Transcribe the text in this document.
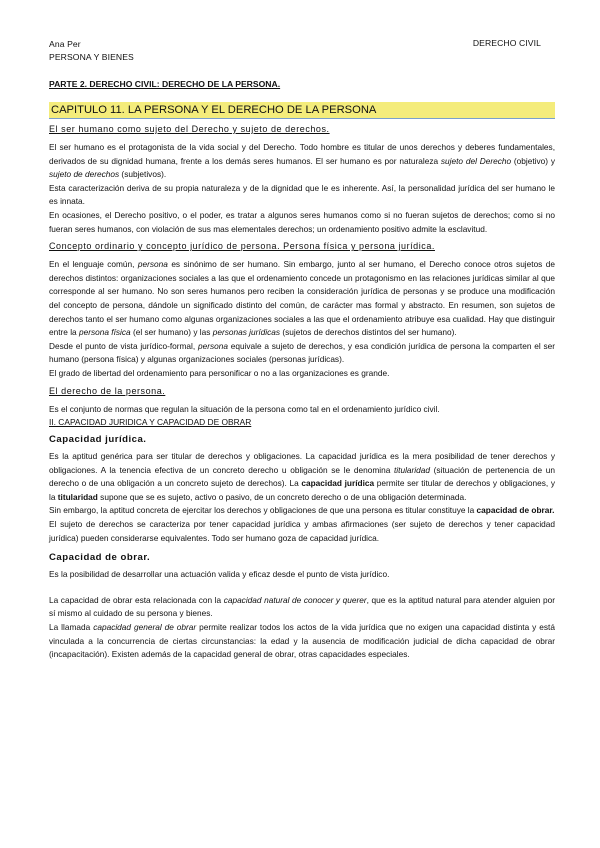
Ana Per
PERSONA Y BIENES
DERECHO CIVIL
PARTE 2. DERECHO CIVIL: DERECHO DE LA PERSONA.
CAPITULO 11. LA PERSONA Y EL DERECHO DE LA PERSONA
El ser humano como sujeto del Derecho y sujeto de derechos.

El ser humano es el protagonista de la vida social y del Derecho. Todo hombre es titular de unos derechos y deberes fundamentales, derivados de su dignidad humana, frente a los demás seres humanos. El ser humano es por naturaleza sujeto del Derecho (objetivo) y sujeto de derechos (subjetivos).

Esta caracterización deriva de su propia naturaleza y de la dignidad que le es inherente. Así, la personalidad jurídica del ser humano le es innata.

En ocasiones, el Derecho positivo, o el poder, es tratar a algunos seres humanos como si no fueran sujetos de derechos; como si no fueran seres humanos, con violación de sus mas elementales derechos; un ordenamiento positivo admite la esclavitud.

Concepto ordinario y concepto jurídico de persona. Persona física y persona jurídica.

En el lenguaje común, persona es sinónimo de ser humano. Sin embargo, junto al ser humano, el Derecho conoce otros sujetos de derechos distintos: organizaciones sociales a las que el ordenamiento concede un protagonismo en las relaciones jurídicas similar al que corresponde al ser humano. No son seres humanos pero reciben la consideración jurídica de personas y se produce una modificación del concepto de persona, dándole un significado distinto del común, de carácter mas formal y abstracto. En resumen, son sujetos de derechos tanto el ser humano como algunas organizaciones sociales a las que el ordenamiento atribuye esa cualidad. Hay que distinguir entre la persona física (el ser humano) y las personas jurídicas (sujetos de derechos distintos del ser humano).

Desde el punto de vista jurídico-formal, persona equivale a sujeto de derechos, y esa condición jurídica de persona la comparten el ser humano (persona física) y algunas organizaciones sociales (personas jurídicas).

El grado de libertad del ordenamiento para personificar o no a las organizaciones es grande.

El derecho de la persona.

Es el conjunto de normas que regulan la situación de la persona como tal en el ordenamiento jurídico civil.

II. CAPACIDAD JURIDICA Y CAPACIDAD DE OBRAR
Capacidad jurídica.

Es la aptitud genérica para ser titular de derechos y obligaciones. La capacidad jurídica es la mera posibilidad de tener derechos y obligaciones. A la tenencia efectiva de un concreto derecho u obligación se le denomina titularidad (situación de pertenencia de un derecho o de una obligación a un concreto sujeto de derechos). La capacidad jurídica permite ser titular de derechos y obligaciones, y la titularidad supone que se es sujeto, activo o pasivo, de un concreto derecho o de una obligación determinada.

Sin embargo, la aptitud concreta de ejercitar los derechos y obligaciones de que una persona es titular constituye la capacidad de obrar.

El sujeto de derechos se caracteriza por tener capacidad jurídica y ambas afirmaciones (ser sujeto de derechos y tener capacidad jurídica) pueden considerarse equivalentes. Todo ser humano goza de capacidad jurídica.

Capacidad de obrar.

Es la posibilidad de desarrollar una actuación valida y eficaz desde el punto de vista jurídico.

La capacidad de obrar esta relacionada con la capacidad natural de conocer y querer, que es la aptitud natural para atender alguien por sí mismo al cuidado de su persona y bienes.

La llamada capacidad general de obrar permite realizar todos los actos de la vida jurídica que no exigen una capacidad distinta y está vinculada a la concurrencia de ciertas circunstancias: la edad y la ausencia de modificación judicial de dicha capacidad de obrar (incapacitación). Existen además de la capacidad general de obrar, otras capacidades especiales.
